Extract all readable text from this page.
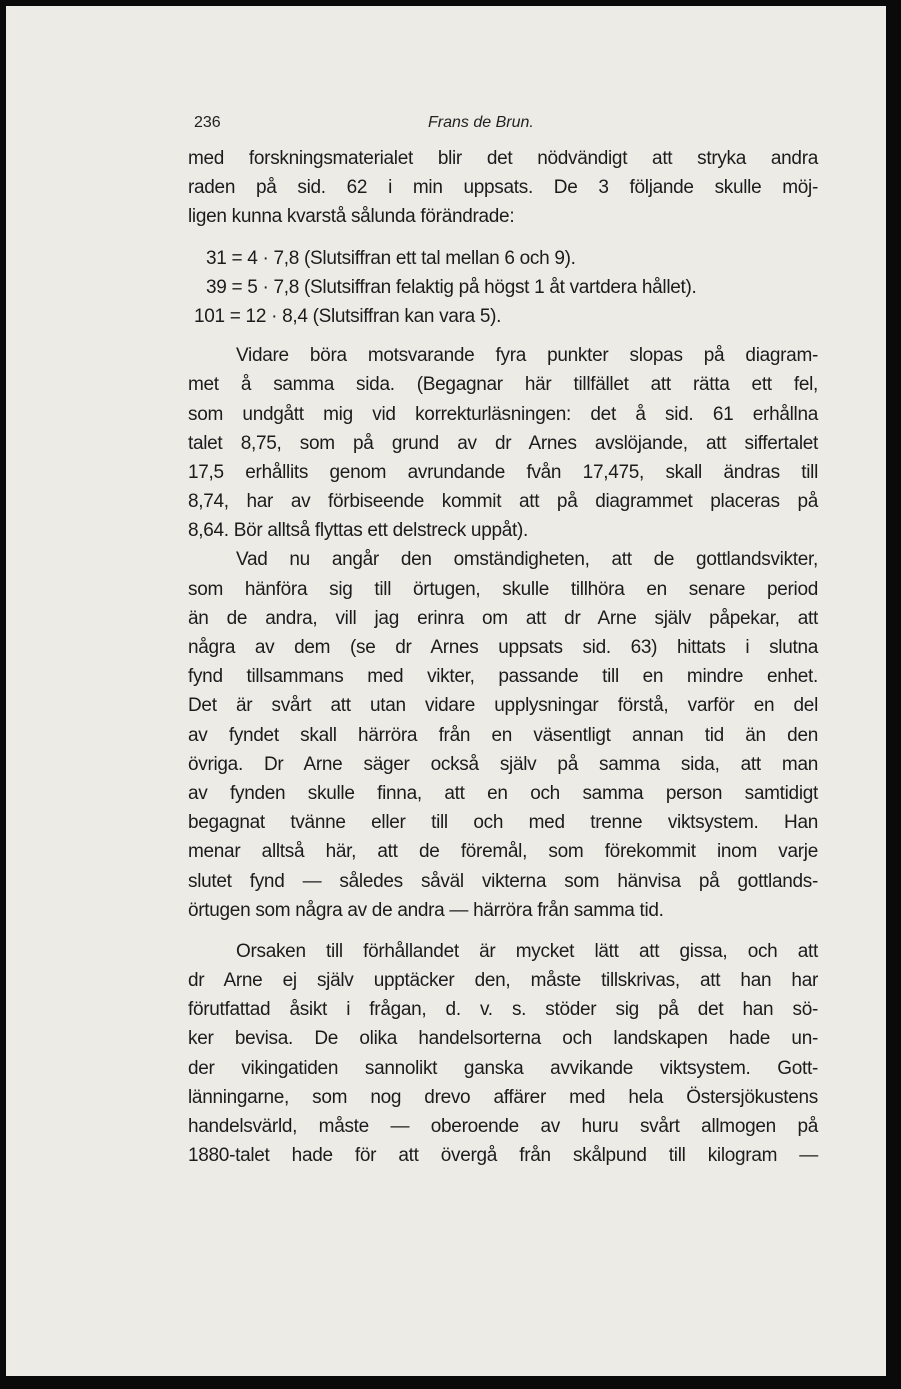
236	Frans de Brun.
med forskningsmaterialet blir det nödvändigt att stryka andra
raden på sid. 62 i min uppsats. De 3 följande skulle möj-
ligen kunna kvarstå sålunda förändrade:
31 = 4 · 7,8 (Slutsiffran ett tal mellan 6 och 9).
39 = 5 · 7,8 (Slutsiffran felaktig på högst 1 åt vartdera hållet).
101 = 12 · 8,4 (Slutsiffran kan vara 5).
Vidare böra motsvarande fyra punkter slopas på diagram-
met å samma sida. (Begagnar här tillfället att rätta ett fel,
som undgått mig vid korrekturläsningen: det å sid. 61 erhållna
talet 8,75, som på grund av dr Arnes avslöjande, att siffertalet
17,5 erhållits genom avrundande fvån 17,475, skall ändras till
8,74, har av förbiseende kommit att på diagrammet placeras på
8,64. Bör alltså flyttas ett delstreck uppåt).
Vad nu angår den omständigheten, att de gottlandsvikter,
som hänföra sig till örtugen, skulle tillhöra en senare period
än de andra, vill jag erinra om att dr Arne själv påpekar, att
några av dem (se dr Arnes uppsats sid. 63) hittats i slutna
fynd tillsammans med vikter, passande till en mindre enhet.
Det är svårt att utan vidare upplysningar förstå, varför en del
av fyndet skall härröra från en väsentligt annan tid än den
övriga. Dr Arne säger också själv på samma sida, att man
av fynden skulle finna, att en och samma person samtidigt
begagnat tvänne eller till och med trenne viktsystem. Han
menar alltså här, att de föremål, som förekommit inom varje
slutet fynd — således såväl vikterna som hänvisa på gottlands-
örtugen som några av de andra — härröra från samma tid.
Orsaken till förhållandet är mycket lätt att gissa, och att
dr Arne ej själv upptäcker den, måste tillskrivas, att han har
förutfattad åsikt i frågan, d. v. s. stöder sig på det han sö-
ker bevisa. De olika handelsorterna och landskapen hade un-
der vikingatiden sannolikt ganska avvikande viktsystem. Gott-
länningarne, som nog drevo affärer med hela Östersjökustens
handelsvärld, måste — oberoende av huru svårt allmogen på
1880-talet hade för att övergå från skålpund till kilogram —
